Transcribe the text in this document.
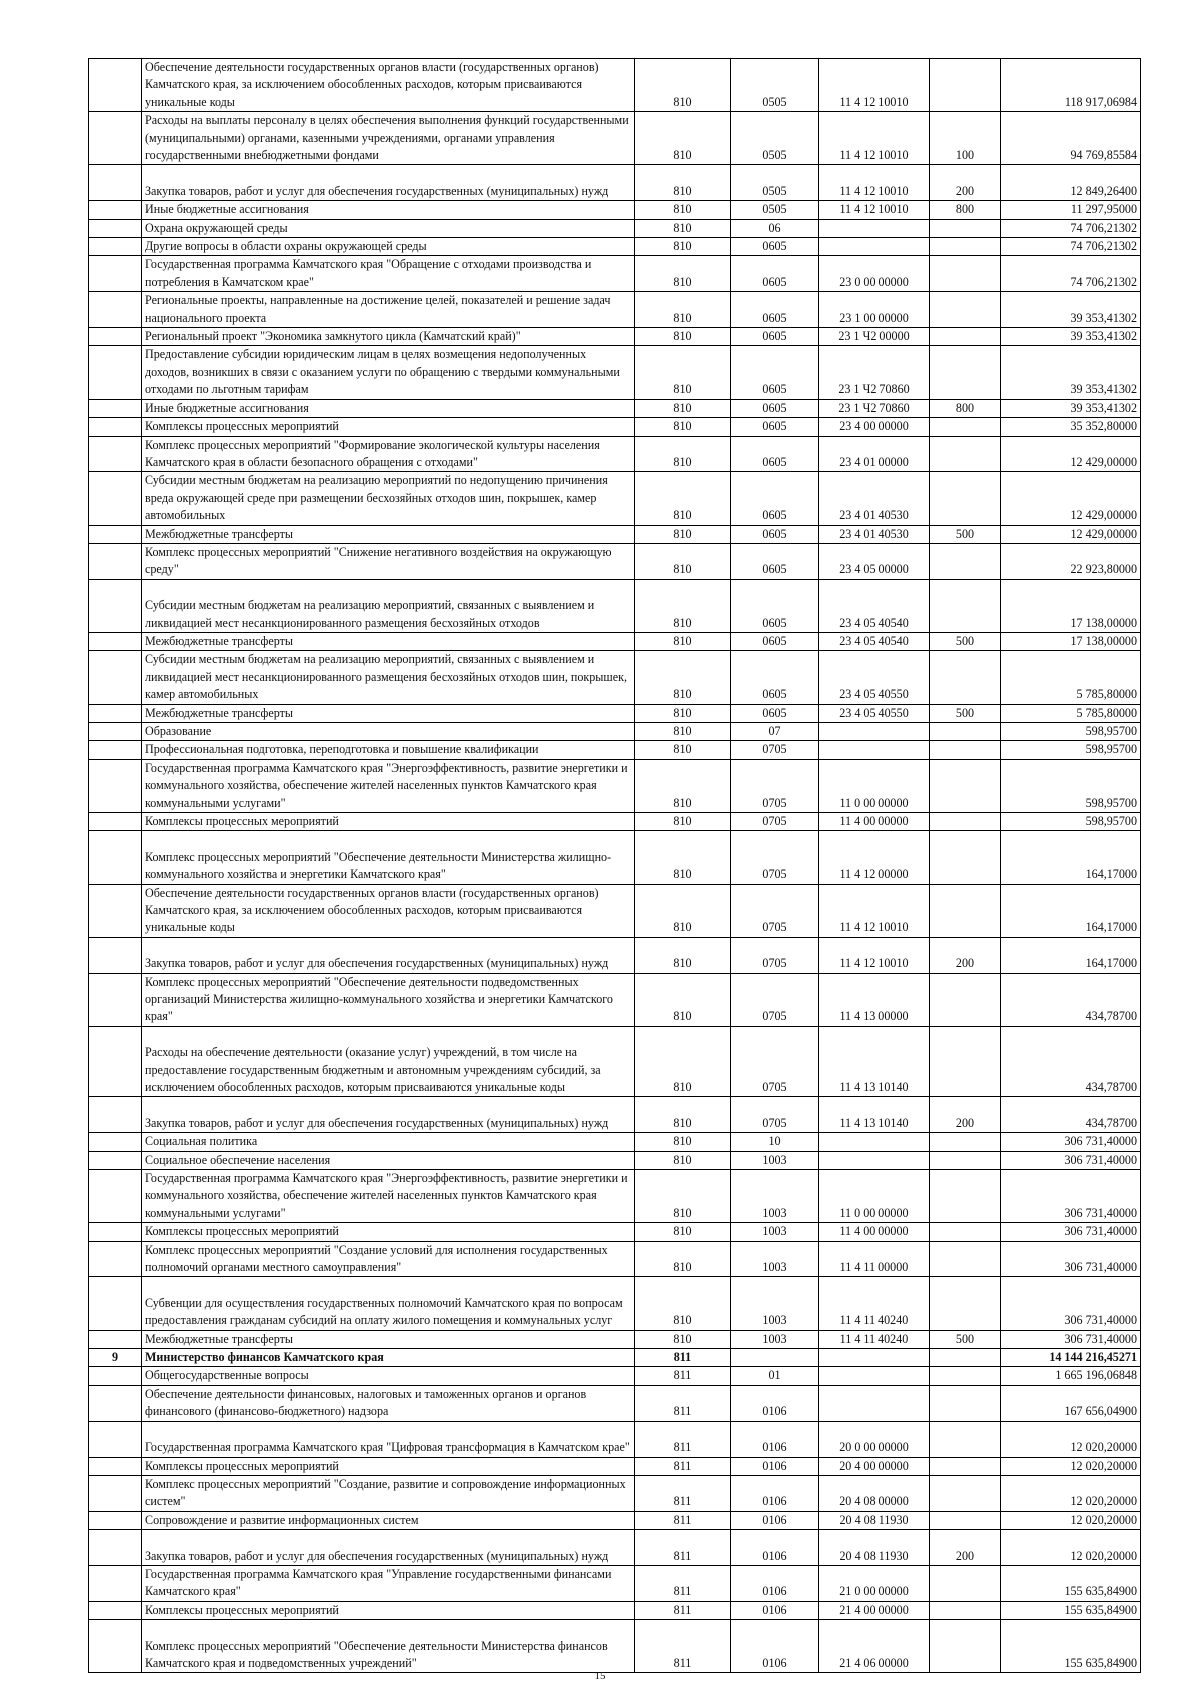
	Обеспечение деятельности государственных органов власти (государственных органов) Камчатского края, за исключением обособленных расходов, которым присваиваются уникальные коды	810	0505	11 4 12 10010		118 917,06984
	Расходы на выплаты персоналу в целях обеспечения выполнения функций государственными (муниципальными) органами, казенными учреждениями, органами управления государственными внебюджетными фондами	810	0505	11 4 12 10010	100	94 769,85584
	Закупка товаров, работ и услуг для обеспечения государственных (муниципальных) нужд	810	0505	11 4 12 10010	200	12 849,26400
	Иные бюджетные ассигнования	810	0505	11 4 12 10010	800	11 297,95000
	Охрана окружающей среды	810	06			74 706,21302
	Другие вопросы в области охраны окружающей среды	810	0605			74 706,21302
	Государственная программа Камчатского края "Обращение с отходами производства и потребления в Камчатском крае"	810	0605	23 0 00 00000		74 706,21302
	Региональные проекты, направленные на достижение целей, показателей и решение задач национального проекта	810	0605	23 1 00 00000		39 353,41302
	Региональный проект "Экономика замкнутого цикла (Камчатский край)"	810	0605	23 1 Ч2 00000		39 353,41302
	Предоставление субсидии юридическим лицам в целях возмещения недополученных доходов, возникших в связи с оказанием услуги по обращению с твердыми коммунальными отходами по льготным тарифам	810	0605	23 1 Ч2 70860		39 353,41302
	Иные бюджетные ассигнования	810	0605	23 1 Ч2 70860	800	39 353,41302
	Комплексы процессных мероприятий	810	0605	23 4 00 00000		35 352,80000
	Комплекс процессных мероприятий "Формирование экологической культуры населения Камчатского края в области безопасного обращения с отходами"	810	0605	23 4 01 00000		12 429,00000
	Субсидии местным бюджетам на реализацию мероприятий по недопущению причинения вреда окружающей среде при размещении бесхозяйных отходов шин, покрышек, камер автомобильных	810	0605	23 4 01 40530		12 429,00000
	Межбюджетные трансферты	810	0605	23 4 01 40530	500	12 429,00000
	Комплекс процессных мероприятий "Снижение негативного воздействия на окружающую среду"	810	0605	23 4 05 00000		22 923,80000
	Субсидии местным бюджетам на реализацию мероприятий, связанных с выявлением и ликвидацией мест несанкционированного размещения бесхозяйных отходов	810	0605	23 4 05 40540		17 138,00000
	Межбюджетные трансферты	810	0605	23 4 05 40540	500	17 138,00000
	Субсидии местным бюджетам на реализацию мероприятий, связанных с выявлением и ликвидацией мест несанкционированного размещения бесхозяйных отходов шин, покрышек, камер автомобильных	810	0605	23 4 05 40550		5 785,80000
	Межбюджетные трансферты	810	0605	23 4 05 40550	500	5 785,80000
	Образование	810	07			598,95700
	Профессиональная подготовка, переподготовка и повышение квалификации	810	0705			598,95700
	Государственная программа Камчатского края "Энергоэффективность, развитие энергетики и коммунального хозяйства, обеспечение жителей населенных пунктов Камчатского края коммунальными услугами"	810	0705	11 0 00 00000		598,95700
	Комплексы процессных мероприятий	810	0705	11 4 00 00000		598,95700
	Комплекс процессных мероприятий "Обеспечение деятельности Министерства жилищно-коммунального хозяйства и энергетики Камчатского края"	810	0705	11 4 12 00000		164,17000
	Обеспечение деятельности государственных органов власти (государственных органов) Камчатского края, за исключением обособленных расходов, которым присваиваются уникальные коды	810	0705	11 4 12 10010		164,17000
	Закупка товаров, работ и услуг для обеспечения государственных (муниципальных) нужд	810	0705	11 4 12 10010	200	164,17000
	Комплекс процессных мероприятий "Обеспечение деятельности подведомственных организаций Министерства жилищно-коммунального хозяйства и энергетики Камчатского края"	810	0705	11 4 13 00000		434,78700
	Расходы на обеспечение деятельности (оказание услуг) учреждений, в том числе на предоставление государственным бюджетным и автономным учреждениям субсидий, за исключением обособленных расходов, которым присваиваются уникальные коды	810	0705	11 4 13 10140		434,78700
	Закупка товаров, работ и услуг для обеспечения государственных (муниципальных) нужд	810	0705	11 4 13 10140	200	434,78700
	Социальная политика	810	10			306 731,40000
	Социальное обеспечение населения	810	1003			306 731,40000
	Государственная программа Камчатского края "Энергоэффективность, развитие энергетики и коммунального хозяйства, обеспечение жителей населенных пунктов Камчатского края коммунальными услугами"	810	1003	11 0 00 00000		306 731,40000
	Комплексы процессных мероприятий	810	1003	11 4 00 00000		306 731,40000
	Комплекс процессных мероприятий "Создание условий для исполнения государственных полномочий органами местного самоуправления"	810	1003	11 4 11 00000		306 731,40000
	Субвенции для осуществления государственных полномочий Камчатского края по вопросам предоставления гражданам субсидий на оплату жилого помещения и коммунальных услуг	810	1003	11 4 11 40240		306 731,40000
	Межбюджетные трансферты	810	1003	11 4 11 40240	500	306 731,40000
9	Министерство финансов Камчатского края	811				14 144 216,45271
	Общегосударственные вопросы	811	01			1 665 196,06848
	Обеспечение деятельности финансовых, налоговых и таможенных органов и органов финансового (финансово-бюджетного) надзора	811	0106			167 656,04900
	Государственная программа Камчатского края "Цифровая трансформация в Камчатском крае"	811	0106	20 0 00 00000		12 020,20000
	Комплексы процессных мероприятий	811	0106	20 4 00 00000		12 020,20000
	Комплекс процессных мероприятий "Создание, развитие и сопровождение информационных систем"	811	0106	20 4 08 00000		12 020,20000
	Сопровождение и развитие информационных систем	811	0106	20 4 08 11930		12 020,20000
	Закупка товаров, работ и услуг для обеспечения государственных (муниципальных) нужд	811	0106	20 4 08 11930	200	12 020,20000
	Государственная программа Камчатского края "Управление государственными финансами Камчатского края"	811	0106	21 0 00 00000		155 635,84900
	Комплексы процессных мероприятий	811	0106	21 4 00 00000		155 635,84900
	Комплекс процессных мероприятий "Обеспечение деятельности Министерства финансов Камчатского края и подведомственных учреждений"	811	0106	21 4 06 00000		155 635,84900
15
